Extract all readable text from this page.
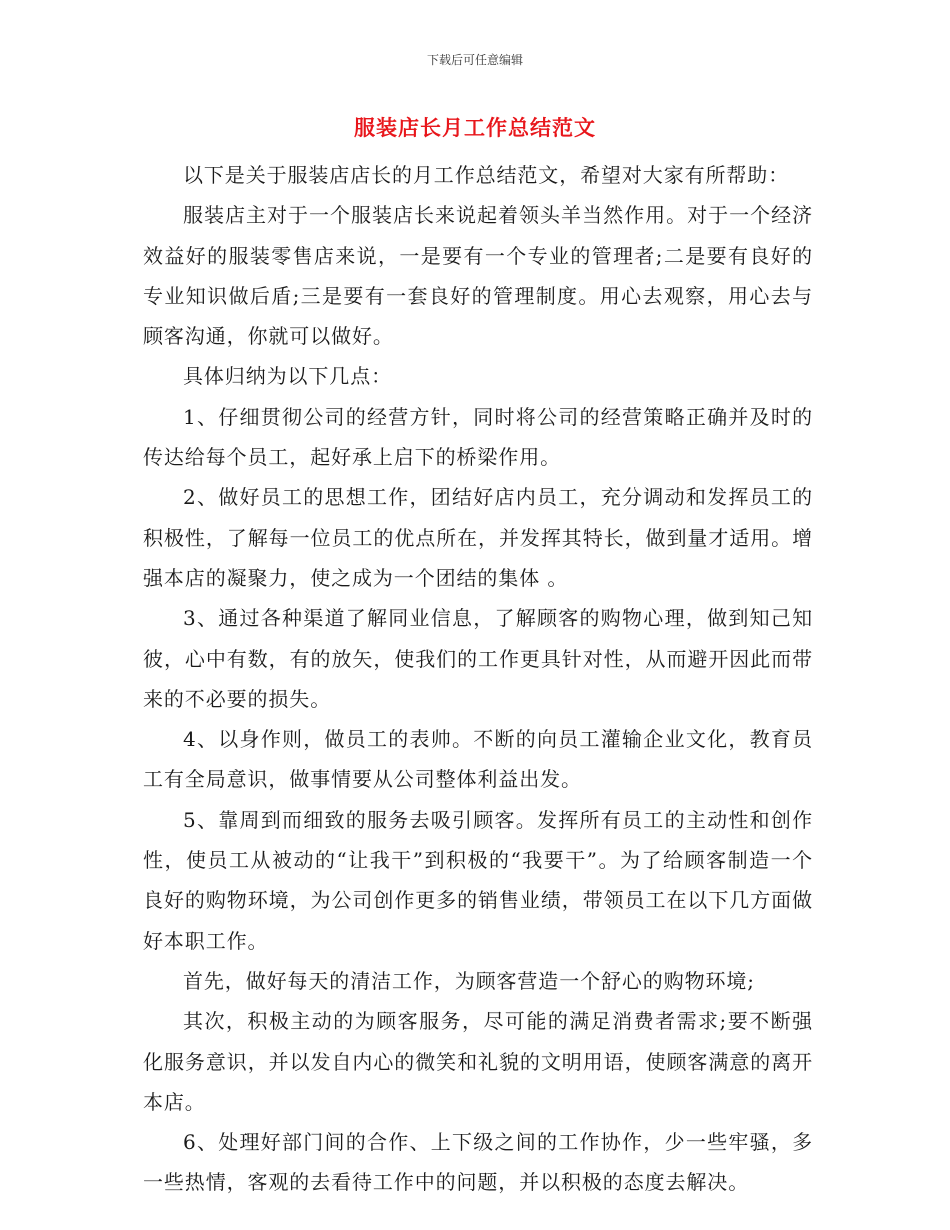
下载后可任意编辑
服装店长月工作总结范文

以下是关于服装店店长的月工作总结范文，希望对大家有所帮助：

服装店主对于一个服装店长来说起着领头羊当然作用。对于一个经济效益好的服装零售店来说，一是要有一个专业的管理者;二是要有良好的专业知识做后盾;三是要有一套良好的管理制度。用心去观察，用心去与顾客沟通，你就可以做好。

具体归纳为以下几点：

1、仔细贯彻公司的经营方针，同时将公司的经营策略正确并及时的传达给每个员工，起好承上启下的桥梁作用。

2、做好员工的思想工作，团结好店内员工，充分调动和发挥员工的积极性，了解每一位员工的优点所在，并发挥其特长，做到量才适用。增强本店的凝聚力，使之成为一个团结的集体 。

3、通过各种渠道了解同业信息，了解顾客的购物心理，做到知己知彼，心中有数，有的放矢，使我们的工作更具针对性，从而避开因此而带来的不必要的损失。

4、以身作则，做员工的表帅。不断的向员工灌输企业文化，教育员工有全局意识，做事情要从公司整体利益出发。

5、靠周到而细致的服务去吸引顾客。发挥所有员工的主动性和创作性，使员工从被动的“让我干”到积极的“我要干”。为了给顾客制造一个良好的购物环境，为公司创作更多的销售业绩，带领员工在以下几方面做好本职工作。

首先，做好每天的清洁工作，为顾客营造一个舒心的购物环境;

其次，积极主动的为顾客服务，尽可能的满足消费者需求;要不断强化服务意识，并以发自内心的微笑和礼貌的文明用语，使顾客满意的离开本店。

6、处理好部门间的合作、上下级之间的工作协作，少一些牢骚，多一些热情，客观的去看待工作中的问题，并以积极的态度去解决。
